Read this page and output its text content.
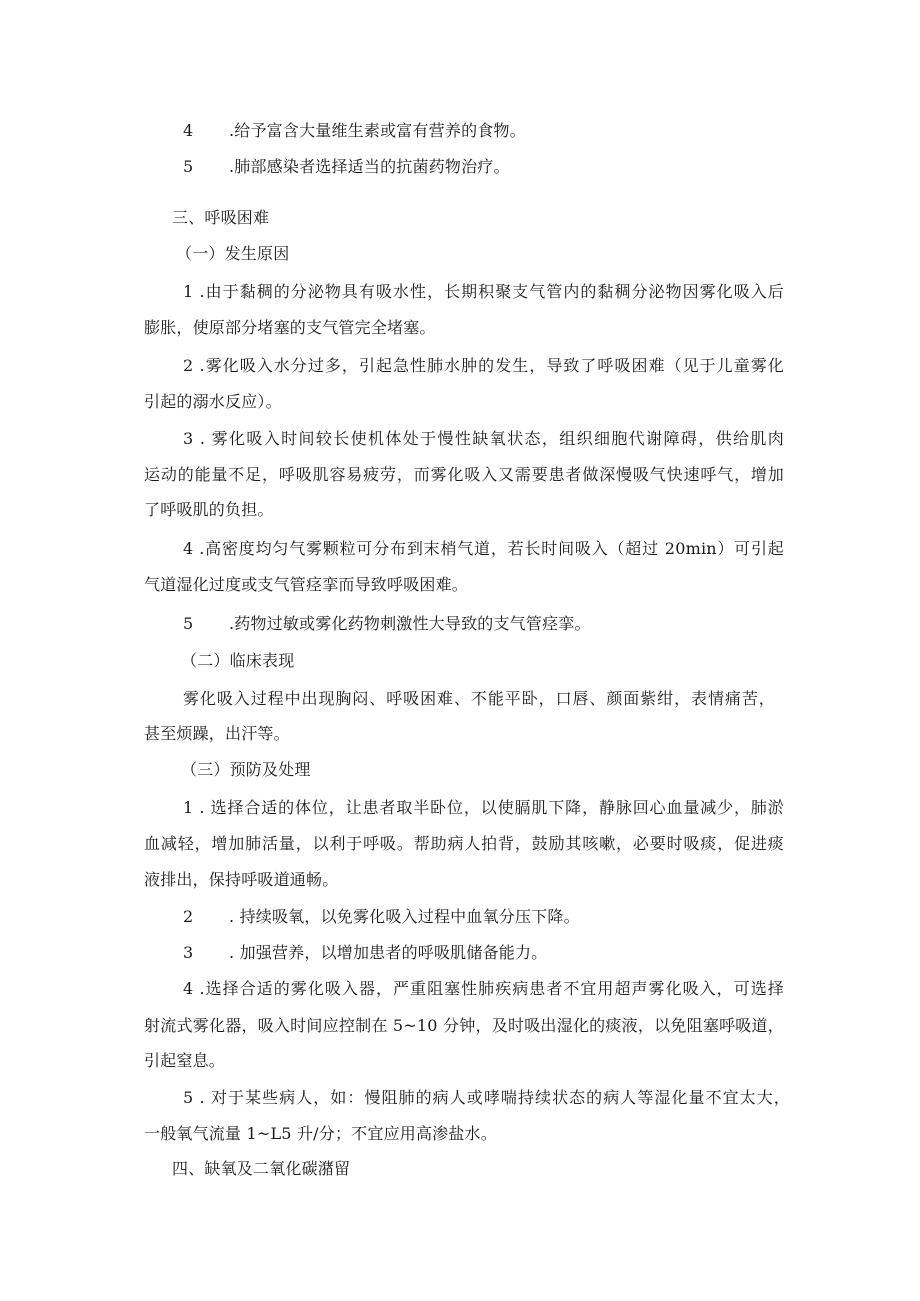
4 .给予富含大量维生素或富有营养的食物。
5 .肺部感染者选择适当的抗菌药物治疗。
三、呼吸困难
（一）发生原因
1 .由于黏稠的分泌物具有吸水性，长期积聚支气管内的黏稠分泌物因雾化吸入后
膨胀，使原部分堵塞的支气管完全堵塞。
2 .雾化吸入水分过多，引起急性肺水肿的发生，导致了呼吸困难（见于儿童雾化
引起的溺水反应）。
3 . 雾化吸入时间较长使机体处于慢性缺氧状态，组织细胞代谢障碍，供给肌肉
运动的能量不足，呼吸肌容易疲劳，而雾化吸入又需要患者做深慢吸气快速呼气，增加
了呼吸肌的负担。
4 .高密度均匀气雾颗粒可分布到末梢气道，若长时间吸入（超过 20min）可引起
气道湿化过度或支气管痉挛而导致呼吸困难。
5 .药物过敏或雾化药物刺激性大导致的支气管痉挛。
（二）临床表现
雾化吸入过程中出现胸闷、呼吸困难、不能平卧，口唇、颜面紫绀，表情痛苦，
甚至烦躁，出汗等。
（三）预防及处理
1 . 选择合适的体位，让患者取半卧位，以使膈肌下降，静脉回心血量减少，肺淤
血减轻，增加肺活量，以利于呼吸。帮助病人拍背，鼓励其咳嗽，必要时吸痰，促进痰
液排出，保持呼吸道通畅。
2 . 持续吸氧，以免雾化吸入过程中血氧分压下降。
3 . 加强营养，以增加患者的呼吸肌储备能力。
4 .选择合适的雾化吸入器，严重阻塞性肺疾病患者不宜用超声雾化吸入，可选择
射流式雾化器，吸入时间应控制在 5~10 分钟，及时吸出湿化的痰液，以免阻塞呼吸道，
引起窒息。
5 . 对于某些病人，如：慢阻肺的病人或哮喘持续状态的病人等湿化量不宜太大，
一般氧气流量 1~L5 升/分；不宜应用高渗盐水。
四、缺氧及二氧化碳潴留
